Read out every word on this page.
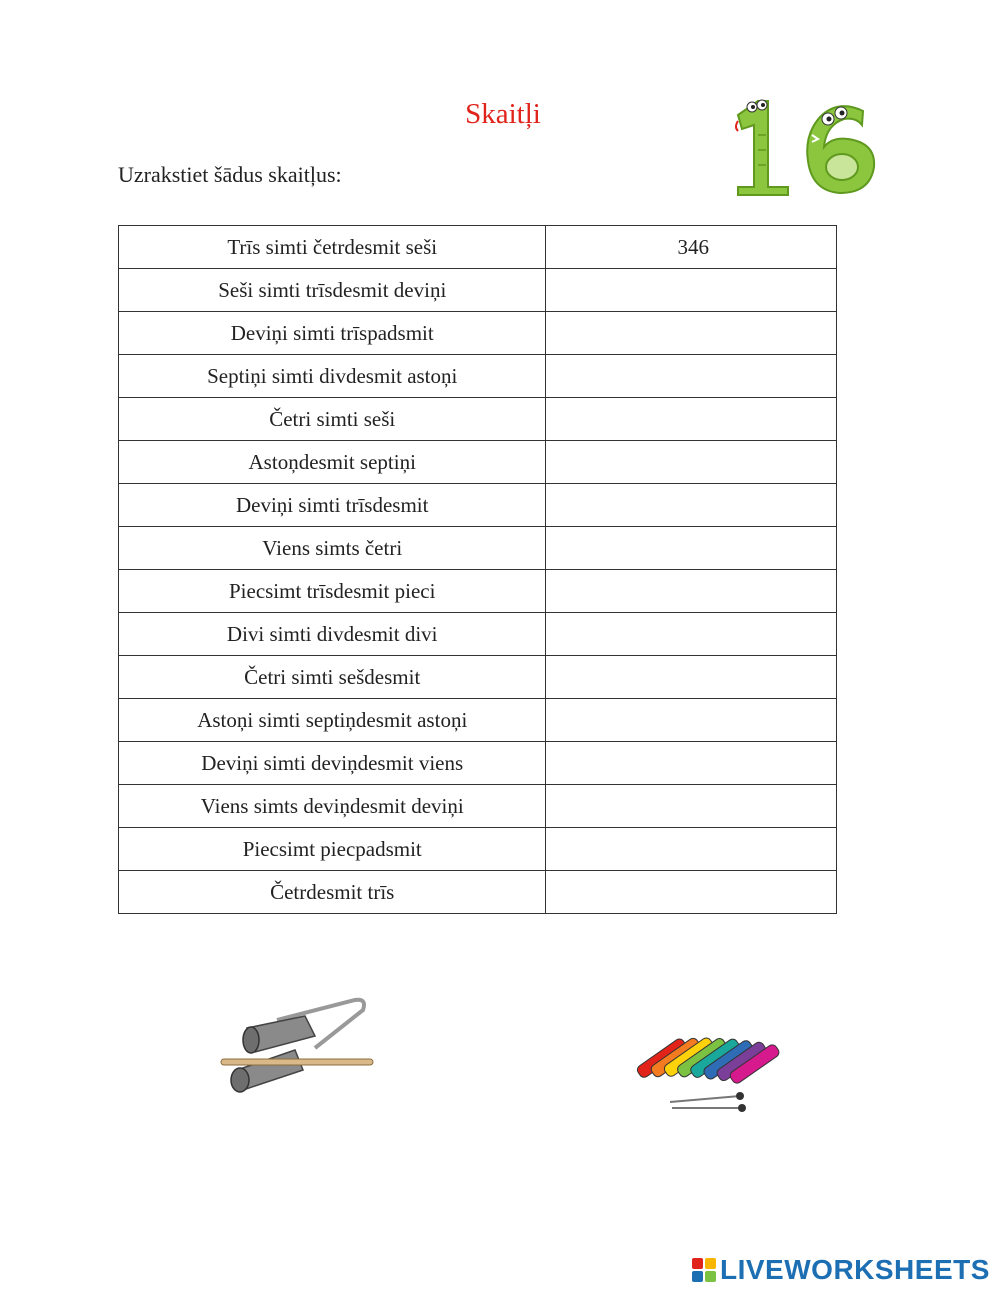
Skaitļi
Uzrakstiet šādus skaitļus:
Trīs simti četrdesmit seši	346
Seši simti trīsdesmit deviņi	
Deviņi simti trīspadsmit	
Septiņi simti divdesmit astoņi	
Četri simti seši	
Astoņdesmit septiņi	
Deviņi simti trīsdesmit	
Viens simts četri	
Piecsimt trīsdesmit pieci	
Divi simti divdesmit divi	
Četri simti sešdesmit	
Astoņi simti septiņdesmit astoņi	
Deviņi simti deviņdesmit viens	
Viens simts deviņdesmit deviņi	
Piecsimt piecpadsmit	
Četrdesmit trīs	
LIVEWORKSHEETS
